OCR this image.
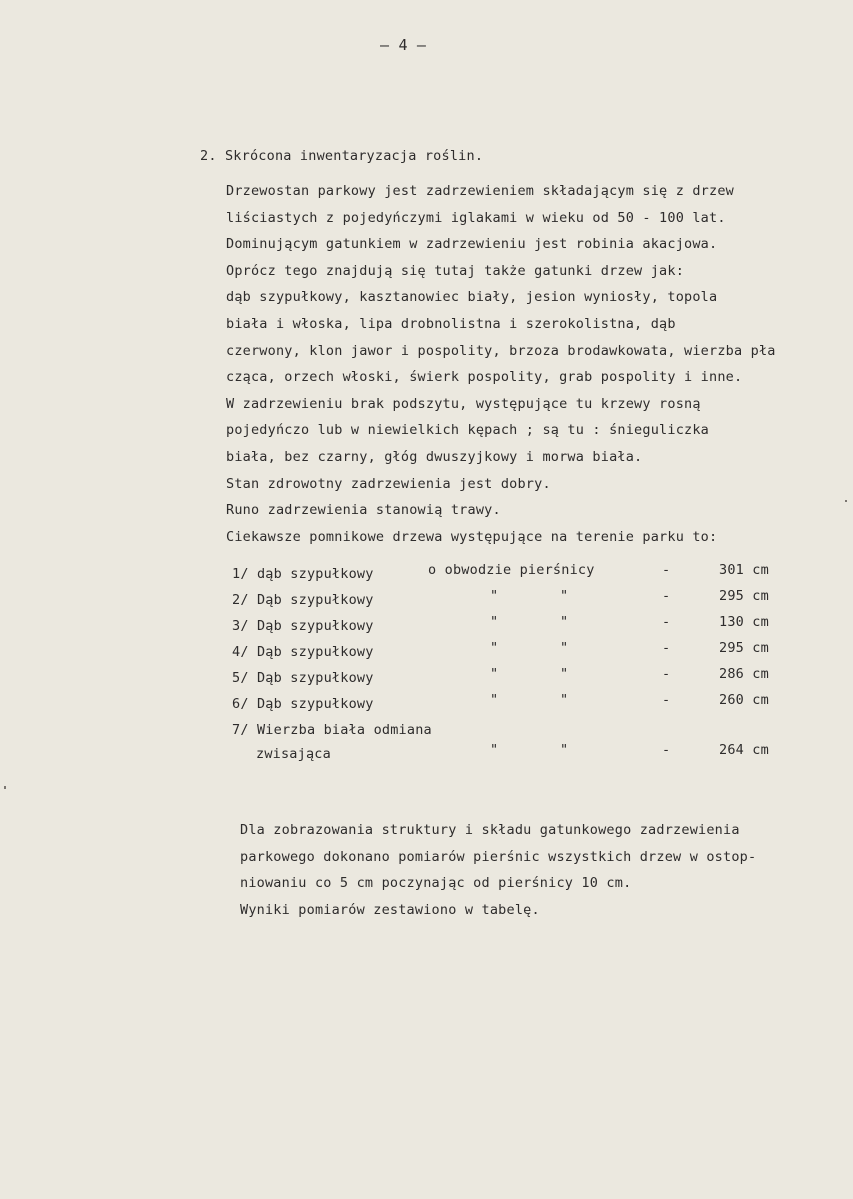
— 4 —
2. Skrócona inwentaryzacja roślin.
Drzewostan parkowy jest zadrzewieniem składającym się z drzew
liściastych z pojedyńczymi iglakami w wieku od 50 - 100 lat.
Dominującym gatunkiem w zadrzewieniu jest robinia akacjowa.
Oprócz tego znajdują się tutaj także gatunki drzew jak:
dąb szypułkowy, kasztanowiec biały, jesion wyniosły, topola
biała i włoska, lipa drobnolistna i szerokolistna, dąb
czerwony, klon jawor i pospolity, brzoza brodawkowata, wierzba pła
cząca, orzech włoski, świerk pospolity, grab pospolity i inne.
W zadrzewieniu brak podszytu, występujące tu krzewy rosną
pojedyńczo lub w niewielkich kępach ; są tu : śnieguliczka
biała, bez czarny, głóg dwuszyjkowy i morwa biała.
Stan zdrowotny zadrzewienia jest dobry.
Runo zadrzewienia stanowią trawy.
Ciekawsze pomnikowe drzewa występujące na terenie parku to:
1/ dąb szypułkowy	o obwodzie pierśnicy	-	301 cm
2/ Dąb szypułkowy	"	"	-	295 cm
3/ Dąb szypułkowy	"	"	-	130 cm
4/ Dąb szypułkowy	"	"	-	295 cm
5/ Dąb szypułkowy	"	"	-	286 cm
6/ Dąb szypułkowy	"	"	-	260 cm
7/ Wierzba biała odmiana
zwisająca	"	"	-	264 cm
Dla zobrazowania struktury i składu gatunkowego zadrzewienia
parkowego dokonano pomiarów pierśnic wszystkich drzew w ostop-
niowaniu co 5 cm poczynając od pierśnicy 10 cm.
Wyniki pomiarów zestawiono w tabelę.
